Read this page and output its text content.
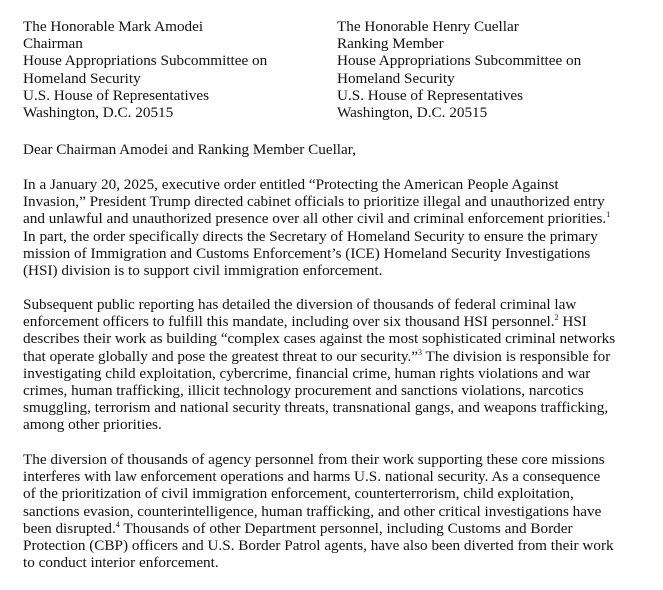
The Honorable Mark Amodei
Chairman
House Appropriations Subcommittee on
Homeland Security
U.S. House of Representatives
Washington, D.C. 20515
The Honorable Henry Cuellar
Ranking Member
House Appropriations Subcommittee on
Homeland Security
U.S. House of Representatives
Washington, D.C. 20515
Dear Chairman Amodei and Ranking Member Cuellar,
In a January 20, 2025, executive order entitled “Protecting the American People Against
Invasion,” President Trump directed cabinet officials to prioritize illegal and unauthorized entry
and unlawful and unauthorized presence over all other civil and criminal enforcement priorities.$^1$
In part, the order specifically directs the Secretary of Homeland Security to ensure the primary
mission of Immigration and Customs Enforcement’s (ICE) Homeland Security Investigations
(HSI) division is to support civil immigration enforcement.
Subsequent public reporting has detailed the diversion of thousands of federal criminal law
enforcement officers to fulfill this mandate, including over six thousand HSI personnel.$^2$ HSI
describes their work as building “complex cases against the most sophisticated criminal networks
that operate globally and pose the greatest threat to our security.”$^3$ The division is responsible for
investigating child exploitation, cybercrime, financial crime, human rights violations and war
crimes, human trafficking, illicit technology procurement and sanctions violations, narcotics
smuggling, terrorism and national security threats, transnational gangs, and weapons trafficking,
among other priorities.
The diversion of thousands of agency personnel from their work supporting these core missions
interferes with law enforcement operations and harms U.S. national security. As a consequence
of the prioritization of civil immigration enforcement, counterterrorism, child exploitation,
sanctions evasion, counterintelligence, human trafficking, and other critical investigations have
been disrupted.$^4$ Thousands of other Department personnel, including Customs and Border
Protection (CBP) officers and U.S. Border Patrol agents, have also been diverted from their work
to conduct interior enforcement.
